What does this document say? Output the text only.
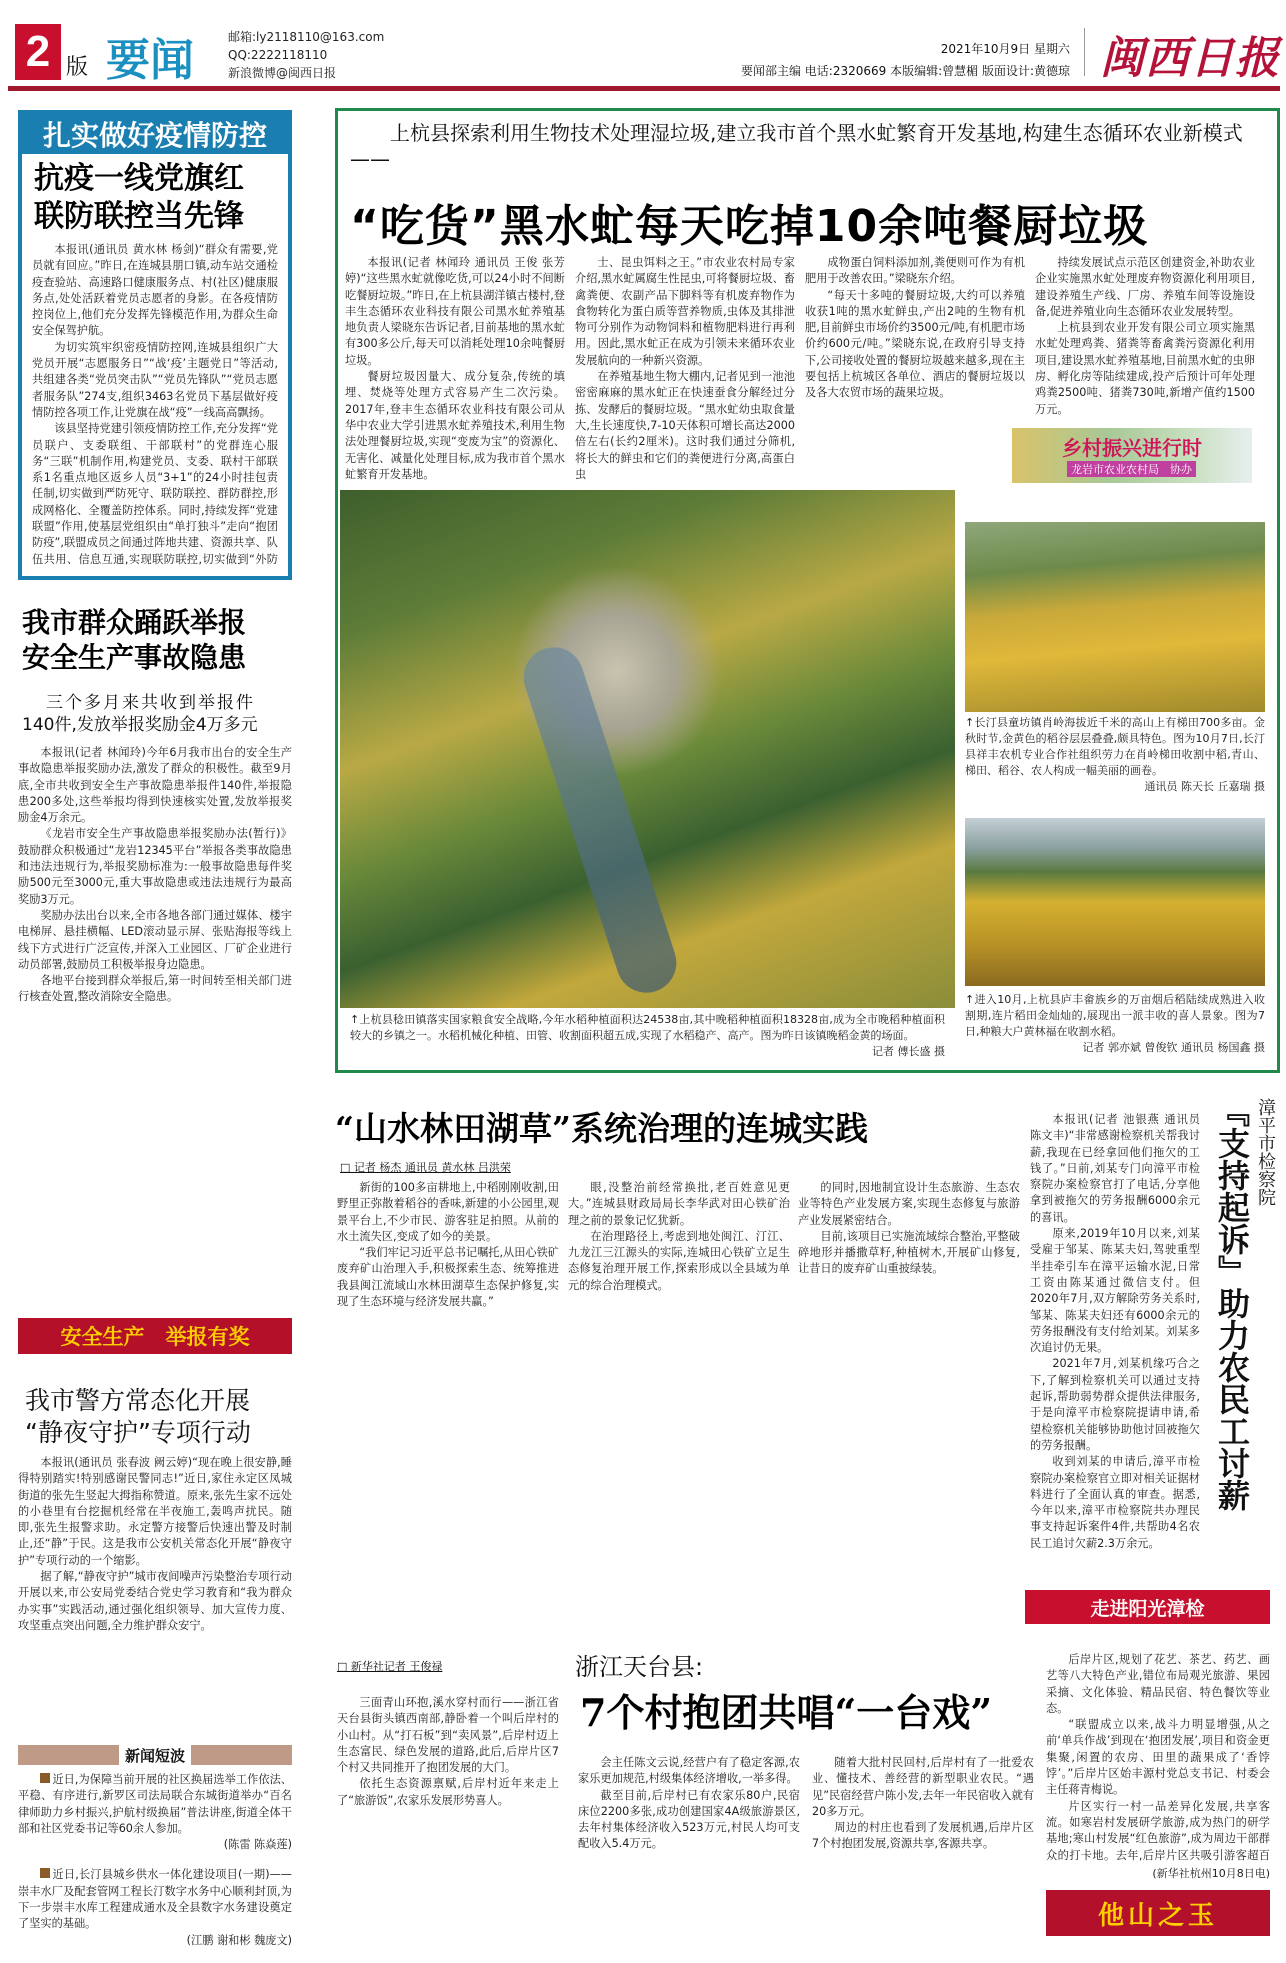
2 版 要闻	邮箱:ly2118110@163.com
QQ:2222118110
新浪微博@闽西日报
2021年10月9日 星期六
要闻部主编 电话:2320669 本版编辑:曾慧楣 版面设计:黄德琼 闽西日报
扎实做好疫情防控
抗疫一线党旗红
联防联控当先锋

本报讯(通讯员 黄水林 杨剑)“群众有需要,党员就有回应。”昨日,在连城县朋口镇,动车站交通检疫查验站、高速路口健康服务点、村(社区)健康服务点,处处活跃着党员志愿者的身影。在各疫情防控岗位上,他们充分发挥先锋模范作用,为群众生命安全保驾护航。

为切实筑牢织密疫情防控网,连城县组织广大党员开展“志愿服务日”“战‘疫’主题党日”等活动,共组建各类“党员突击队”“党员先锋队”“党员志愿者服务队”274支,组织3463名党员下基层做好疫情防控各项工作,让党旗在战“疫”一线高高飘扬。

该县坚持党建引领疫情防控工作,充分发挥“党员联户、支委联组、干部联村”的党群连心服务“三联”机制作用,构建党员、支委、联村干部联系1名重点地区返乡人员“3+1”的24小时挂包责任制,切实做到严防死守、联防联控、群防群控,形成网格化、全覆盖防控体系。同时,持续发挥“党建联盟”作用,使基层党组织由“单打独斗”走向“抱团防疫”,联盟成员之间通过阵地共建、资源共享、队伍共用、信息互通,实现联防联控,切实做到“外防

我市群众踊跃举报
安全生产事故隐患
三个多月来共收到举报件
140件,发放举报奖励金4万多元

本报讯(记者 林闻玲)今年6月我市出台的安全生产事故隐患举报奖励办法,激发了群众的积极性。截至9月底,全市共收到安全生产事故隐患举报件140件,举报隐患200多处,这些举报均得到快速核实处置,发放举报奖励金4万余元。

《龙岩市安全生产事故隐患举报奖励办法(暂行)》鼓励群众积极通过“龙岩12345平台”举报各类事故隐患和违法违规行为,举报奖励标准为:一般事故隐患每件奖励500元至3000元,重大事故隐患或违法违规行为最高奖励3万元。

奖励办法出台以来,全市各地各部门通过媒体、楼宇电梯屏、悬挂横幅、LED滚动显示屏、张贴海报等线上线下方式进行广泛宣传,并深入工业园区、厂矿企业进行动员部署,鼓励员工积极举报身边隐患。

各地平台接到群众举报后,第一时间转至相关部门进行核查处置,整改消除安全隐患。

安全生产　举报有奖
我市警方常态化开展
“静夜守护”专项行动

本报讯(通讯员 张春波 阙云婷)“现在晚上很安静,睡得特别踏实!特别感谢民警同志!”近日,家住永定区凤城街道的张先生竖起大拇指称赞道。原来,张先生家不远处的小巷里有台挖掘机经常在半夜施工,轰鸣声扰民。随即,张先生报警求助。永定警方接警后快速出警及时制止,还“静”于民。这是我市公安机关常态化开展“静夜守护”专项行动的一个缩影。

据了解,“静夜守护”城市夜间噪声污染整治专项行动开展以来,市公安局党委结合党史学习教育和“我为群众办实事”实践活动,通过强化组织领导、加大宣传力度、攻坚重点突出问题,全力维护群众安宁。

新闻短波

近日,为保障当前开展的社区换届选举工作依法、平稳、有序进行,新罗区司法局联合东城街道举办“百名律师助力乡村振兴,护航村级换届”普法讲座,街道全体干部和社区党委书记等60余人参加。

(陈雷 陈焱莲)

近日,长汀县城乡供水一体化建设项目(一期)——崇丰水厂及配套管网工程长汀数字水务中心顺利封顶,为下一步崇丰水库工程建成通水及全县数字水务建设奠定了坚实的基础。

(江鹏 谢和彬 魏庞文)
上杭县探索利用生物技术处理湿垃圾,建立我市首个黑水虻繁育开发基地,构建生态循环农业新模式——
“吃货”黑水虻每天吃掉10余吨餐厨垃圾

本报讯(记者 林闻玲 通讯员 王俊 张芳婷)“这些黑水虻就像吃货,可以24小时不间断吃餐厨垃圾。”昨日,在上杭县湖洋镇古楼村,登丰生态循环农业科技有限公司黑水虻养殖基地负责人梁晓东告诉记者,目前基地的黑水虻有300多公斤,每天可以消耗处理10余吨餐厨垃圾。

餐厨垃圾因量大、成分复杂,传统的填埋、焚烧等处理方式容易产生二次污染。2017年,登丰生态循环农业科技有限公司从华中农业大学引进黑水虻养殖技术,利用生物法处理餐厨垃圾,实现“变废为宝”的资源化、无害化、减量化处理目标,成为我市首个黑水虻繁育开发基地。

士、昆虫饵料之王。”市农业农村局专家介绍,黑水虻属腐生性昆虫,可将餐厨垃圾、畜禽粪便、农副产品下脚料等有机废弃物作为食物转化为蛋白质等营养物质,虫体及其排泄物可分别作为动物饲料和植物肥料进行再利用。因此,黑水虻正在成为引领未来循环农业发展航向的一种新兴资源。

在养殖基地生物大棚内,记者见到一池池密密麻麻的黑水虻正在快速蚕食分解经过分拣、发酵后的餐厨垃圾。“黑水虻幼虫取食量大,生长速度快,7-10天体积可增长高达2000倍左右(长约2厘米)。这时我们通过分筛机,将长大的鲜虫和它们的粪便进行分离,高蛋白虫

成物蛋白饲料添加剂,粪便则可作为有机肥用于改善农田。”梁晓东介绍。

“每天十多吨的餐厨垃圾,大约可以养殖收获1吨的黑水虻鲜虫,产出2吨的生物有机肥,目前鲜虫市场价约3500元/吨,有机肥市场价约600元/吨。”梁晓东说,在政府引导支持下,公司接收处置的餐厨垃圾越来越多,现在主要包括上杭城区各单位、酒店的餐厨垃圾以及各大农贸市场的蔬果垃圾。

持续发展试点示范区创建资金,补助农业企业实施黑水虻处理废弃物资源化利用项目,建设养殖生产线、厂房、养殖车间等设施设备,促进养殖业向生态循环农业发展转型。

上杭县到农业开发有限公司立项实施黑水虻处理鸡粪、猪粪等畜禽粪污资源化利用项目,建设黑水虻养殖基地,目前黑水虻的虫卵房、孵化房等陆续建成,投产后预计可年处理鸡粪2500吨、猪粪730吨,新增产值约1500万元。

乡村振兴进行时
龙岩市农业农村局　协办
↑上杭县稔田镇落实国家粮食安全战略,今年水稻种植面积达24538亩,其中晚稻种植面积18328亩,成为全市晚稻种植面积较大的乡镇之一。水稻机械化种植、田管、收割面积超五成,实现了水稻稳产、高产。图为昨日该镇晚稻金黄的场面。
记者 傅长盛 摄
↑长汀县童坊镇肖岭海拔近千米的高山上有梯田700多亩。金秋时节,金黄色的稻谷层层叠叠,颇具特色。图为10月7日,长汀县祥丰农机专业合作社组织劳力在肖岭梯田收割中稻,青山、梯田、稻谷、农人构成一幅美丽的画卷。
通讯员 陈天长 丘嘉瑞 摄
↑进入10月,上杭县庐丰畲族乡的万亩烟后稻陆续成熟进入收割期,连片稻田金灿灿的,展现出一派丰收的喜人景象。图为7日,种粮大户黄林福在收割水稻。
记者 郭亦斌 曾俊钦 通讯员 杨国鑫 摄
“山水林田湖草”系统治理的连城实践
□ 记者 杨杰 通讯员 黄水林 吕洪荣

新街的100多亩耕地上,中稻刚刚收割,田野里正弥散着稻谷的香味,新建的小公园里,观景平台上,不少市民、游客驻足拍照。从前的水土流失区,变成了如今的美景。

“我们牢记习近平总书记嘱托,从田心铁矿废弃矿山治理入手,积极探索生态、统筹推进我县闽江流域山水林田湖草生态保护修复,实现了生态环境与经济发展共赢。”

眼,没整治前经常换批,老百姓意见更大。”连城县财政局局长李华武对田心铁矿治理之前的景象记忆犹新。

在治理路径上,考虑到地处闽江、汀江、九龙江三江源头的实际,连城田心铁矿立足生态修复治理开展工作,探索形成以全县域为单元的综合治理模式。

的同时,因地制宜设计生态旅游、生态农业等特色产业发展方案,实现生态修复与旅游产业发展紧密结合。

目前,该项目已实施流域综合整治,平整破碎地形并播撒草籽,种植树木,开展矿山修复,让昔日的废弃矿山重披绿装。

本报讯(记者 池银燕 通讯员 陈文丰)“非常感谢检察机关帮我讨薪,我现在已经拿回他们拖欠的工钱了。”日前,刘某专门向漳平市检察院办案检察官打了电话,分享他拿到被拖欠的劳务报酬6000余元的喜讯。

原来,2019年10月以来,刘某受雇于邹某、陈某夫妇,驾驶重型半挂牵引车在漳平运输水泥,日常工资由陈某通过微信支付。但2020年7月,双方解除劳务关系时,邹某、陈某夫妇还有6000余元的劳务报酬没有支付给刘某。刘某多次追讨仍无果。

2021年7月,刘某机缘巧合之下,了解到检察机关可以通过支持起诉,帮助弱势群众提供法律服务,于是向漳平市检察院提请申请,希望检察机关能够协助他讨回被拖欠的劳务报酬。

收到刘某的申请后,漳平市检察院办案检察官立即对相关证据材料进行了全面认真的审查。据悉,今年以来,漳平市检察院共办理民事支持起诉案件4件,共帮助4名农民工追讨欠薪2.3万余元。

『支持起诉』助力农民工讨薪 漳平市检察院
走进阳光漳检
□ 新华社记者 王俊禄	浙江天台县:
7个村抱团共唱“一台戏”

三面青山环抱,溪水穿村而行——浙江省天台县街头镇西南部,静卧着一个叫后岸村的小山村。从“打石板”到“卖风景”,后岸村迈上生态富民、绿色发展的道路,此后,后岸片区7个村又共同推开了抱团发展的大门。

依托生态资源禀赋,后岸村近年来走上了“旅游饭”,农家乐发展形势喜人。

会主任陈文云说,经营户有了稳定客源,农家乐更加规范,村级集体经济增收,一举多得。

截至目前,后岸村已有农家乐80户,民宿床位2200多张,成功创建国家4A级旅游景区,去年村集体经济收入523万元,村民人均可支配收入5.4万元。

随着大批村民回村,后岸村有了一批爱农业、懂技术、善经营的新型职业农民。“遇见”民宿经营户陈小发,去年一年民宿收入就有20多万元。

周边的村庄也看到了发展机遇,后岸片区7个村抱团发展,资源共享,客源共享。

后岸片区,规划了花艺、茶艺、药艺、画艺等八大特色产业,错位布局观光旅游、果园采摘、文化体验、精品民宿、特色餐饮等业态。

“联盟成立以来,战斗力明显增强,从之前‘单兵作战’到现在‘抱团发展’,项目和资金更集聚,闲置的农房、田里的蔬果成了‘香饽饽’。”后岸片区始丰源村党总支书记、村委会主任蒋青梅说。

片区实行一村一品差异化发展,共享客流。如寒岩村发展研学旅游,成为热门的研学基地;寒山村发展“红色旅游”,成为周边干部群众的打卡地。去年,后岸片区共吸引游客超百

(新华社杭州10月8日电)
他山之玉
